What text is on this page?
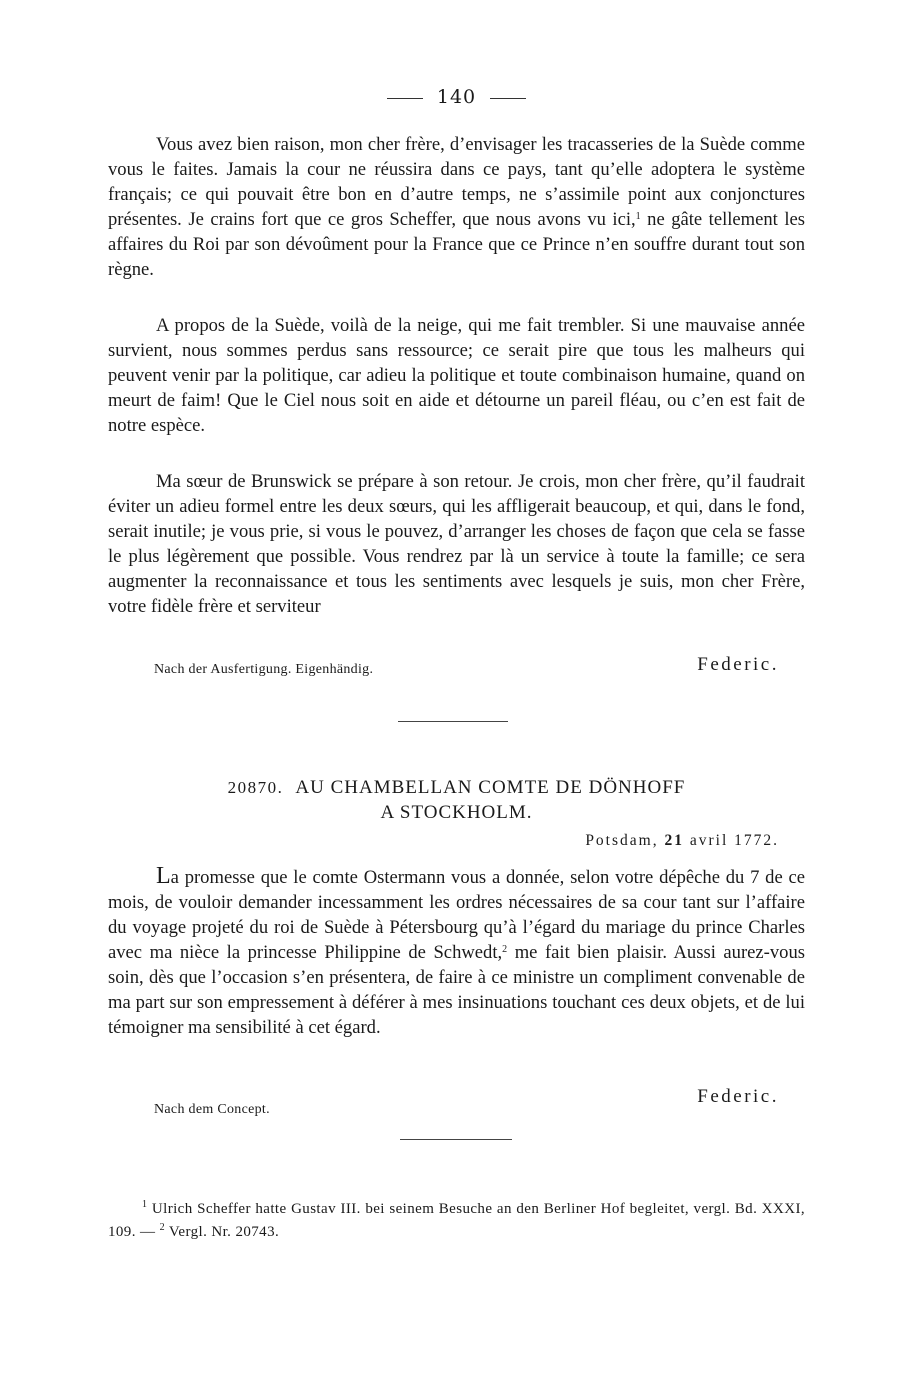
140

Vous avez bien raison, mon cher frère, d’envisager les tracasseries de la Suède comme vous le faites. Jamais la cour ne réussira dans ce pays, tant qu’elle adoptera le système français; ce qui pouvait être bon en d’autre temps, ne s’assimile point aux conjonctures présentes. Je crains fort que ce gros Scheffer, que nous avons vu ici,$^1$ ne gâte tellement les affaires du Roi par son dévoûment pour la France que ce Prince n’en souffre durant tout son règne.

A propos de la Suède, voilà de la neige, qui me fait trembler. Si une mauvaise année survient, nous sommes perdus sans ressource; ce serait pire que tous les malheurs qui peuvent venir par la politique, car adieu la politique et toute combinaison humaine, quand on meurt de faim! Que le Ciel nous soit en aide et détourne un pareil fléau, ou c’en est fait de notre espèce.

Ma sœur de Brunswick se prépare à son retour. Je crois, mon cher frère, qu’il faudrait éviter un adieu formel entre les deux sœurs, qui les affligerait beaucoup, et qui, dans le fond, serait inutile; je vous prie, si vous le pouvez, d’arranger les choses de façon que cela se fasse le plus légèrement que possible. Vous rendrez par là un service à toute la famille; ce sera augmenter la reconnaissance et tous les sentiments avec lesquels je suis, mon cher Frère, votre fidèle frère et serviteur

Nach der Ausfertigung. Eigenhändig.	Federic.
20870. AU CHAMBELLAN COMTE DE DÖNHOFF
A STOCKHOLM.
Potsdam, 21 avril 1772.

La promesse que le comte Ostermann vous a donnée, selon votre dépêche du 7 de ce mois, de vouloir demander incessamment les ordres nécessaires de sa cour tant sur l’affaire du voyage projeté du roi de Suède à Pétersbourg qu’à l’égard du mariage du prince Charles avec ma nièce la princesse Philippine de Schwedt,$^2$ me fait bien plaisir. Aussi aurez-vous soin, dès que l’occasion s’en présentera, de faire à ce ministre un compliment convenable de ma part sur son empressement à déférer à mes insinuations touchant ces deux objets, et de lui témoigner ma sensibilité à cet égard.

Federic.
Nach dem Concept.
$^1$ Ulrich Scheffer hatte Gustav III. bei seinem Besuche an den Berliner Hof begleitet, vergl. Bd. XXXI, 109. — $^2$ Vergl. Nr. 20743.
